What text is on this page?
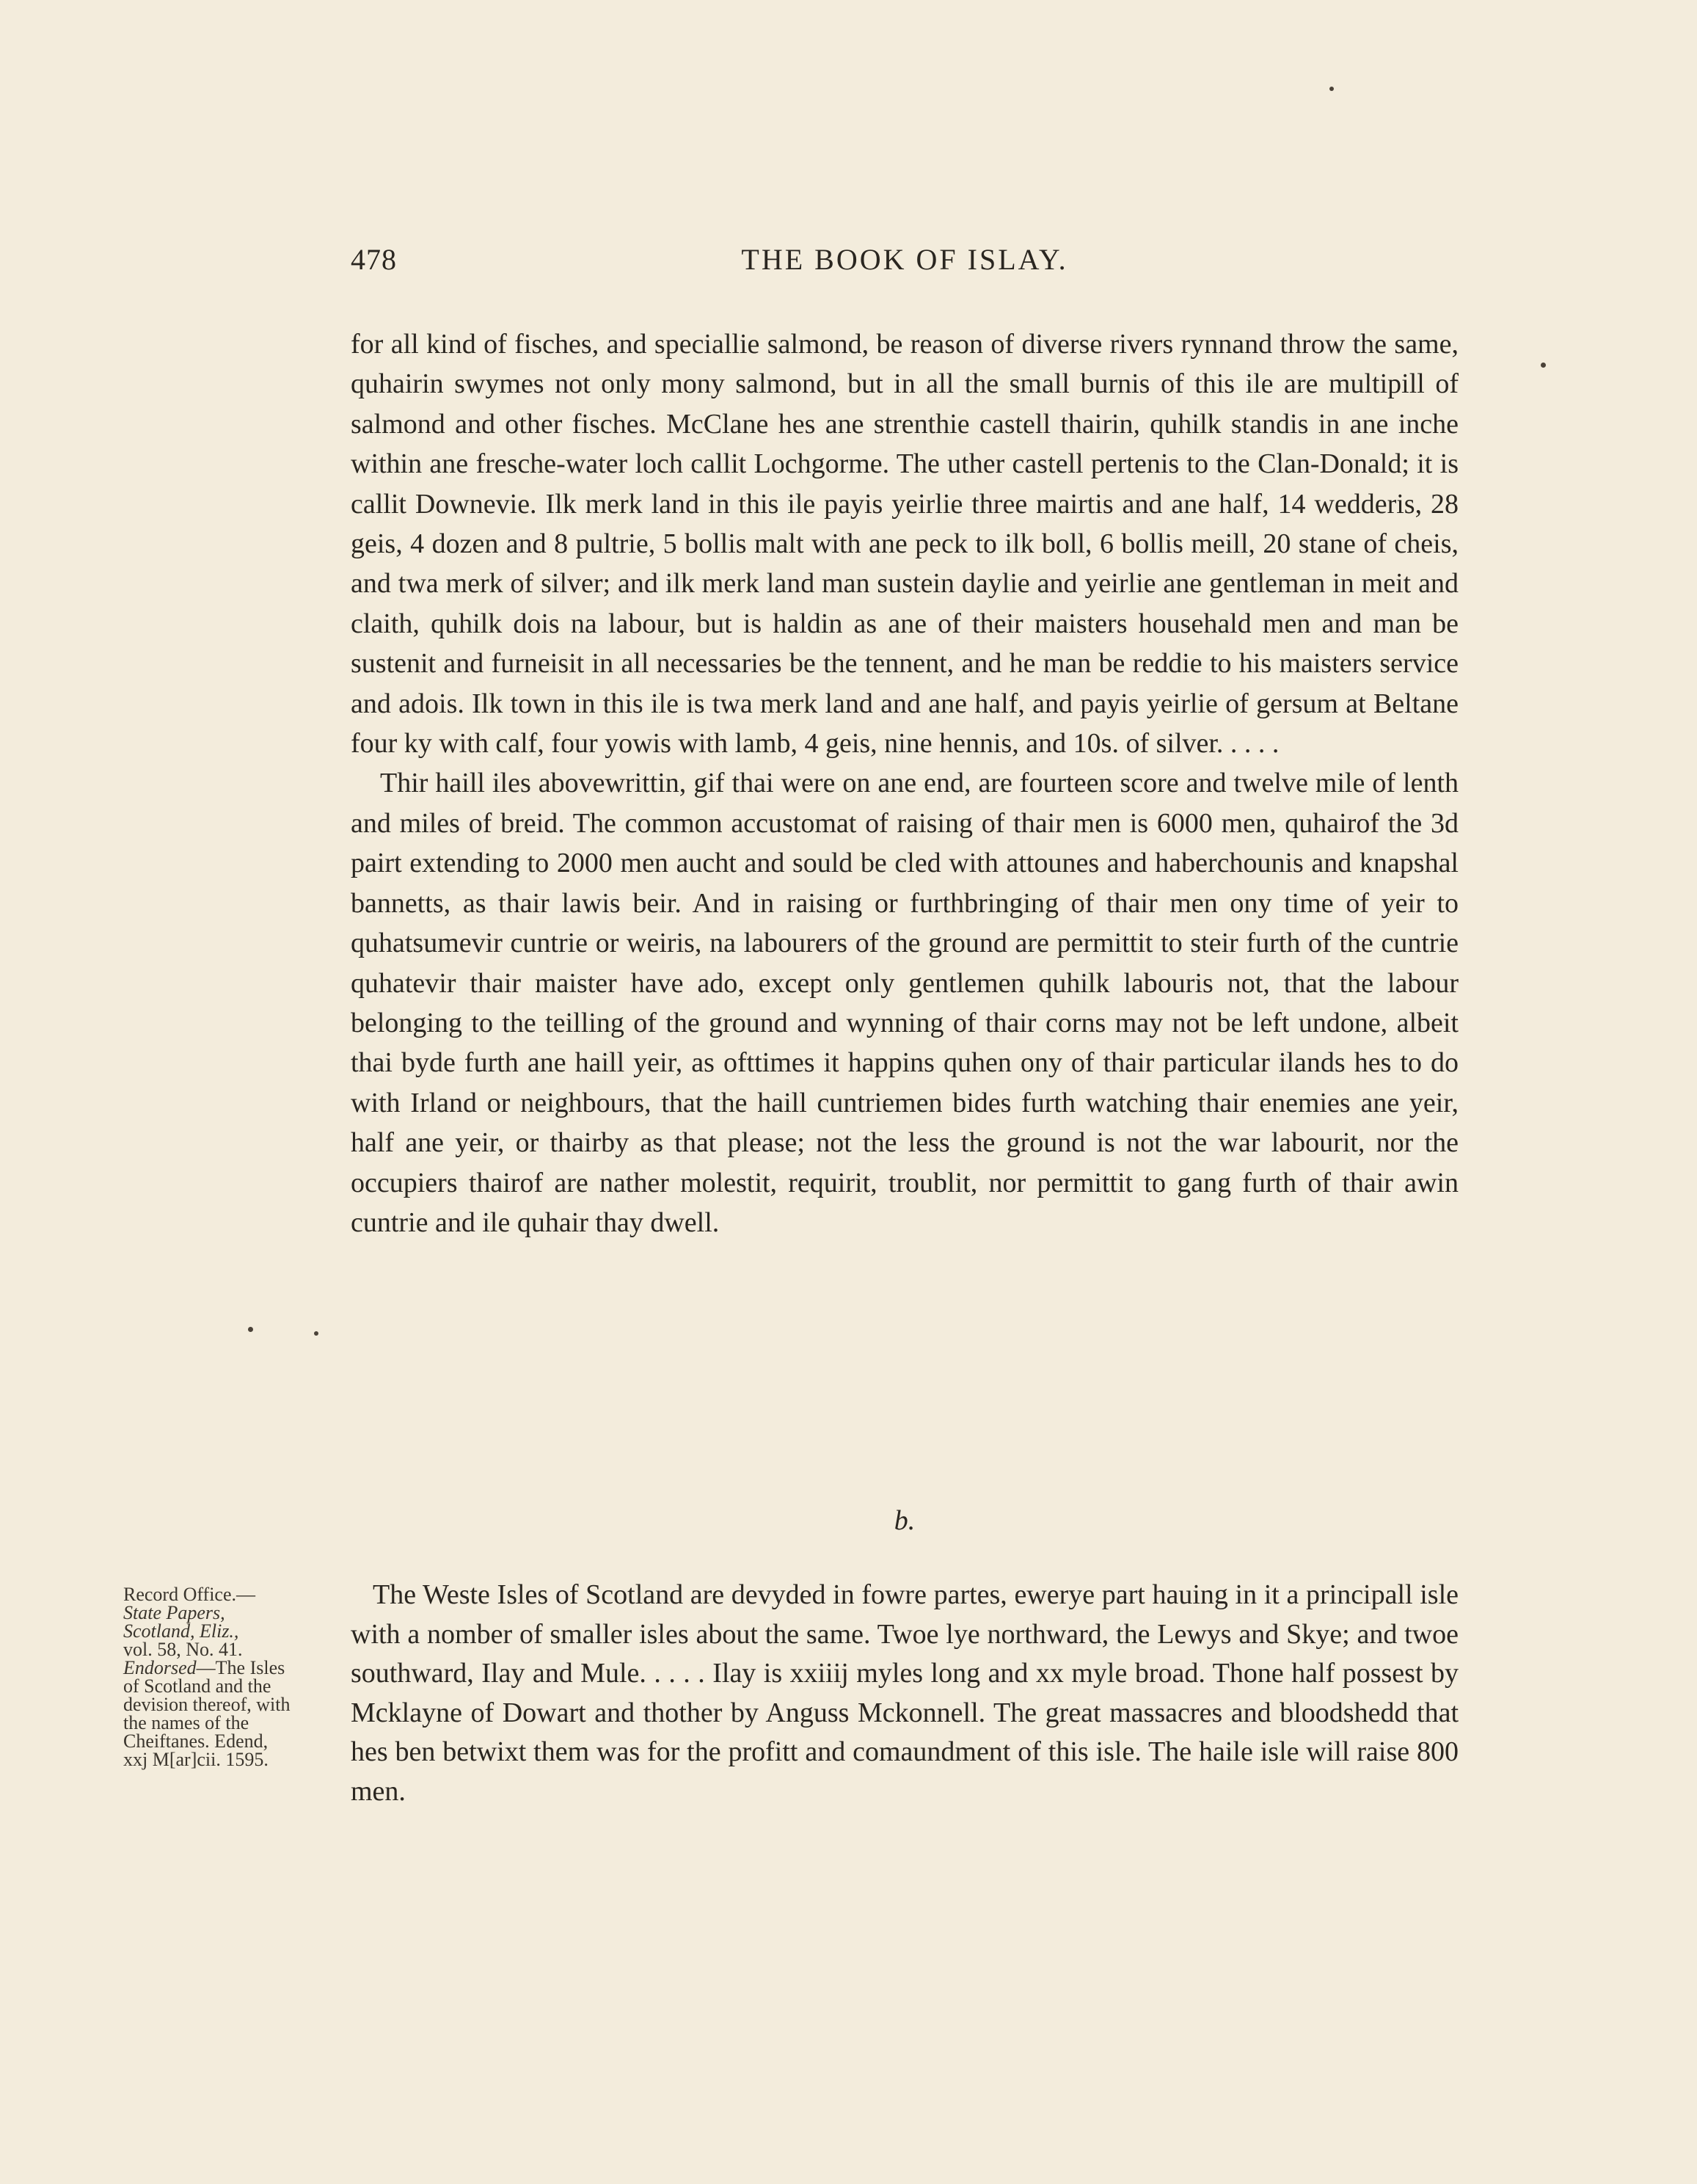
478	THE BOOK OF ISLAY.

for all kind of fisches, and speciallie salmond, be reason of diverse rivers rynnand throw the same, quhairin swymes not only mony salmond, but in all the small burnis of this ile are multipill of salmond and other fisches. McClane hes ane strenthie castell thairin, quhilk standis in ane inche within ane fresche-water loch callit Lochgorme. The uther castell pertenis to the Clan-Donald; it is callit Downevie. Ilk merk land in this ile payis yeirlie three mairtis and ane half, 14 wedderis, 28 geis, 4 dozen and 8 pultrie, 5 bollis malt with ane peck to ilk boll, 6 bollis meill, 20 stane of cheis, and twa merk of silver; and ilk merk land man sustein daylie and yeirlie ane gentleman in meit and claith, quhilk dois na labour, but is haldin as ane of their maisters househald men and man be sustenit and furneisit in all necessaries be the tennent, and he man be reddie to his maisters service and adois. Ilk town in this ile is twa merk land and ane half, and payis yeirlie of gersum at Beltane four ky with calf, four yowis with lamb, 4 geis, nine hennis, and 10s. of silver. . . . .

Thir haill iles abovewrittin, gif thai were on ane end, are fourteen score and twelve mile of lenth and miles of breid. The common accustomat of raising of thair men is 6000 men, quhairof the 3d pairt extending to 2000 men aucht and sould be cled with attounes and haberchounis and knapshal bannetts, as thair lawis beir. And in raising or furthbringing of thair men ony time of yeir to quhatsumevir cuntrie or weiris, na labourers of the ground are permittit to steir furth of the cuntrie quhatevir thair maister have ado, except only gentlemen quhilk labouris not, that the labour belonging to the teilling of the ground and wynning of thair corns may not be left undone, albeit thai byde furth ane haill yeir, as ofttimes it happins quhen ony of thair particular ilands hes to do with Irland or neighbours, that the haill cuntriemen bides furth watching thair enemies ane yeir, half ane yeir, or thairby as that please; not the less the ground is not the war labourit, nor the occupiers thairof are nather molestit, requirit, troublit, nor permittit to gang furth of thair awin cuntrie and ile quhair thay dwell.

b.
Record Office.—
State Papers,
Scotland, Eliz.,
vol. 58, No. 41.
Endorsed—The Isles
of Scotland and the
devision thereof, with
the names of the
Cheiftanes. Edend,
xxj M[ar]cii. 1595.

The Weste Isles of Scotland are devyded in fowre partes, ewerye part hauing in it a principall isle with a nomber of smaller isles about the same. Twoe lye northward, the Lewys and Skye; and twoe southward, Ilay and Mule. . . . . Ilay is xxiiij myles long and xx myle broad. Thone half possest by Mcklayne of Dowart and thother by Anguss Mckonnell. The great massacres and bloodshedd that hes ben betwixt them was for the profitt and comaundment of this isle. The haile isle will raise 800 men.
